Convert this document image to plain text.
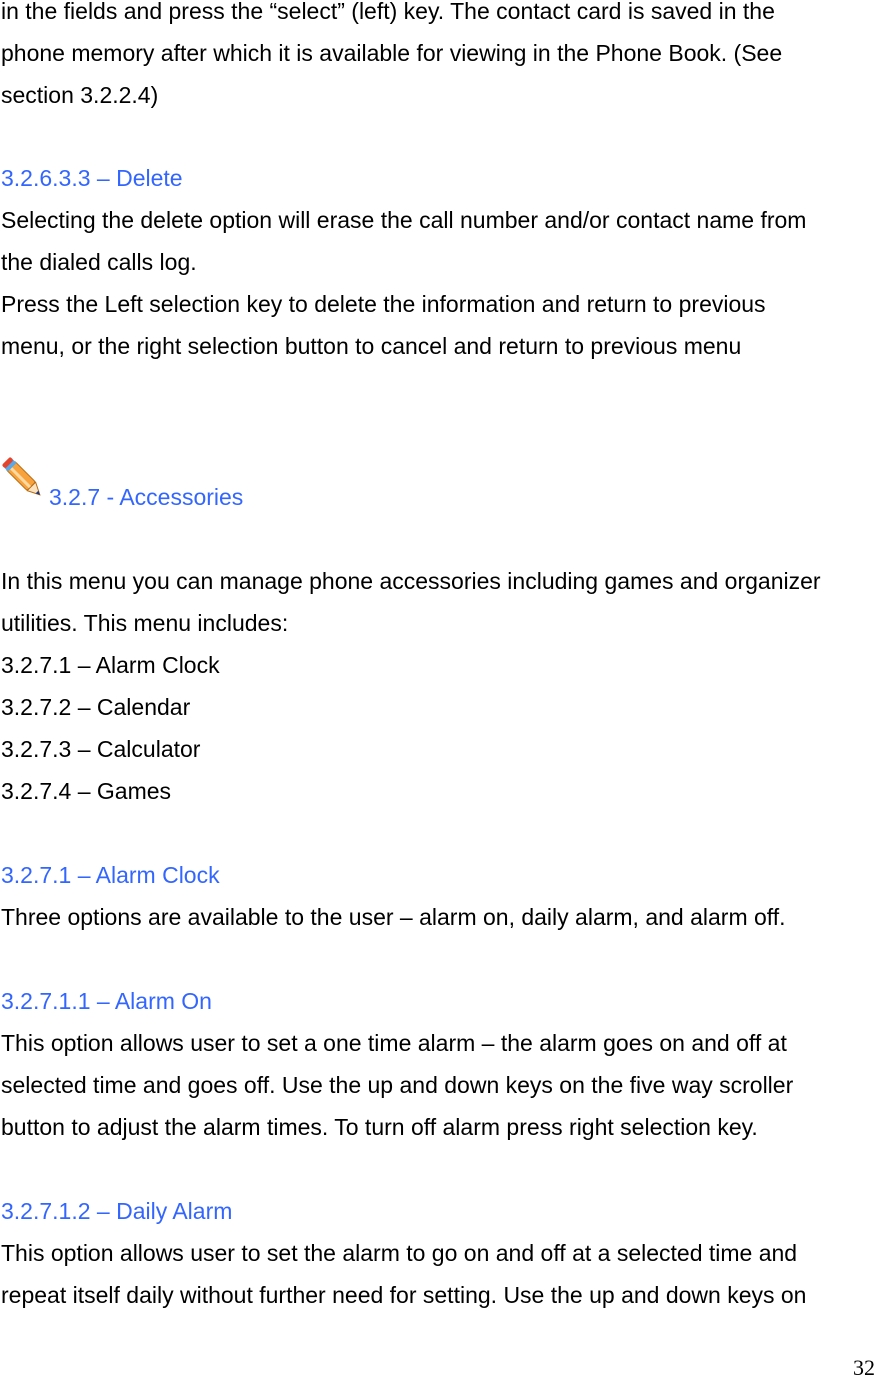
in the fields and press the “select” (left) key. The contact card is saved in the
phone memory after which it is available for viewing in the Phone Book. (See
section 3.2.2.4)
3.2.6.3.3 – Delete
Selecting the delete option will erase the call number and/or contact name from
the dialed calls log.
Press the Left selection key to delete the information and return to previous
menu, or the right selection button to cancel and return to previous menu
3.2.7 - Accessories
In this menu you can manage phone accessories including games and organizer
utilities. This menu includes:
3.2.7.1 – Alarm Clock
3.2.7.2 – Calendar
3.2.7.3 – Calculator
3.2.7.4 – Games
3.2.7.1 – Alarm Clock
Three options are available to the user – alarm on, daily alarm, and alarm off.
3.2.7.1.1 – Alarm On
This option allows user to set a one time alarm – the alarm goes on and off at
selected time and goes off. Use the up and down keys on the five way scroller
button to adjust the alarm times. To turn off alarm press right selection key.
3.2.7.1.2 – Daily Alarm
This option allows user to set the alarm to go on and off at a selected time and
repeat itself daily without further need for setting. Use the up and down keys on
32
